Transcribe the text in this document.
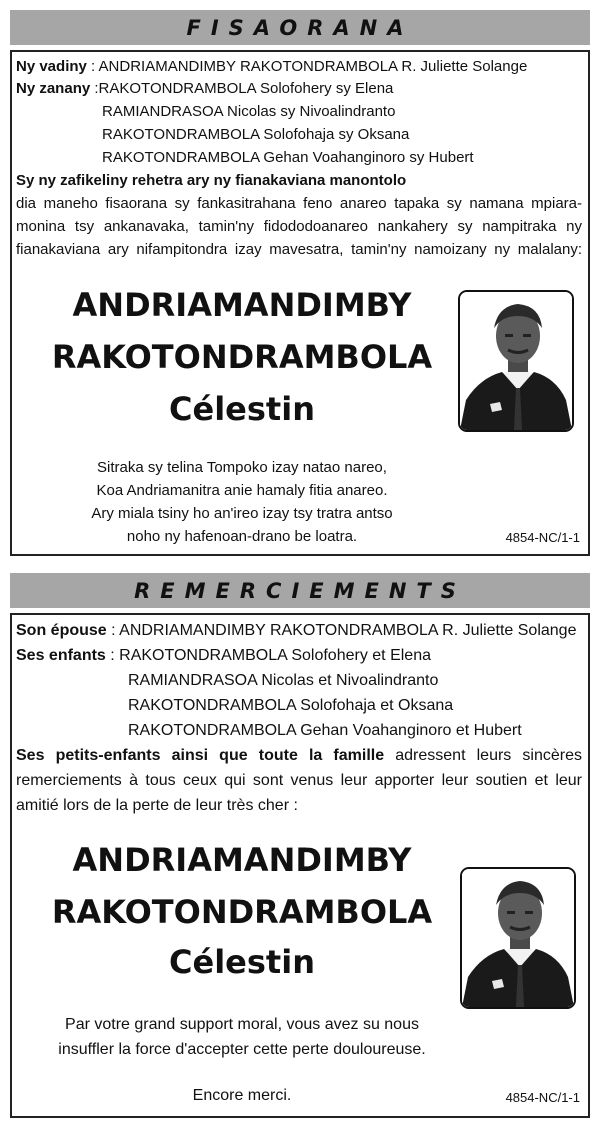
FISAORANA
Ny vadiny : ANDRIAMANDIMBY RAKOTONDRAMBOLA R. Juliette Solange
Ny zanany :RAKOTONDRAMBOLA Solofohery sy Elena
RAMIANDRASOA Nicolas sy Nivoalindranto
RAKOTONDRAMBOLA Solofohaja sy Oksana
RAKOTONDRAMBOLA Gehan Voahanginoro sy Hubert
Sy ny zafikeliny rehetra ary ny fianakaviana manontolo
dia maneho fisaorana sy fankasitrahana feno anareo tapaka sy namana mpiara-
monina tsy ankanavaka, tamin'ny fidododoanareo nankahery sy nampitraka ny
fianakaviana ary nifampitondra izay mavesatra, tamin'ny namoizany ny malalany:
ANDRIAMANDIMBY
RAKOTONDRAMBOLA
Célestin
Sitraka sy telina Tompoko izay natao nareo,
Koa Andriamanitra anie hamaly fitia anareo.
Ary miala tsiny ho an'ireo izay tsy tratra antso
noho ny hafenoan-drano be loatra.	4854-NC/1-1
REMERCIEMENTS
Son épouse : ANDRIAMANDIMBY RAKOTONDRAMBOLA R. Juliette Solange
Ses enfants : RAKOTONDRAMBOLA Solofohery et Elena
RAMIANDRASOA Nicolas et Nivoalindranto
RAKOTONDRAMBOLA Solofohaja et Oksana
RAKOTONDRAMBOLA Gehan Voahanginoro et Hubert
Ses petits-enfants ainsi que toute la famille adressent leurs sincères
remerciements à tous ceux qui sont venus leur apporter leur soutien et leur
amitié lors de la perte de leur très cher :
ANDRIAMANDIMBY
RAKOTONDRAMBOLA
Célestin
Par votre grand support moral, vous avez su nous
insuffler la force d'accepter cette perte douloureuse.
Encore merci.	4854-NC/1-1
